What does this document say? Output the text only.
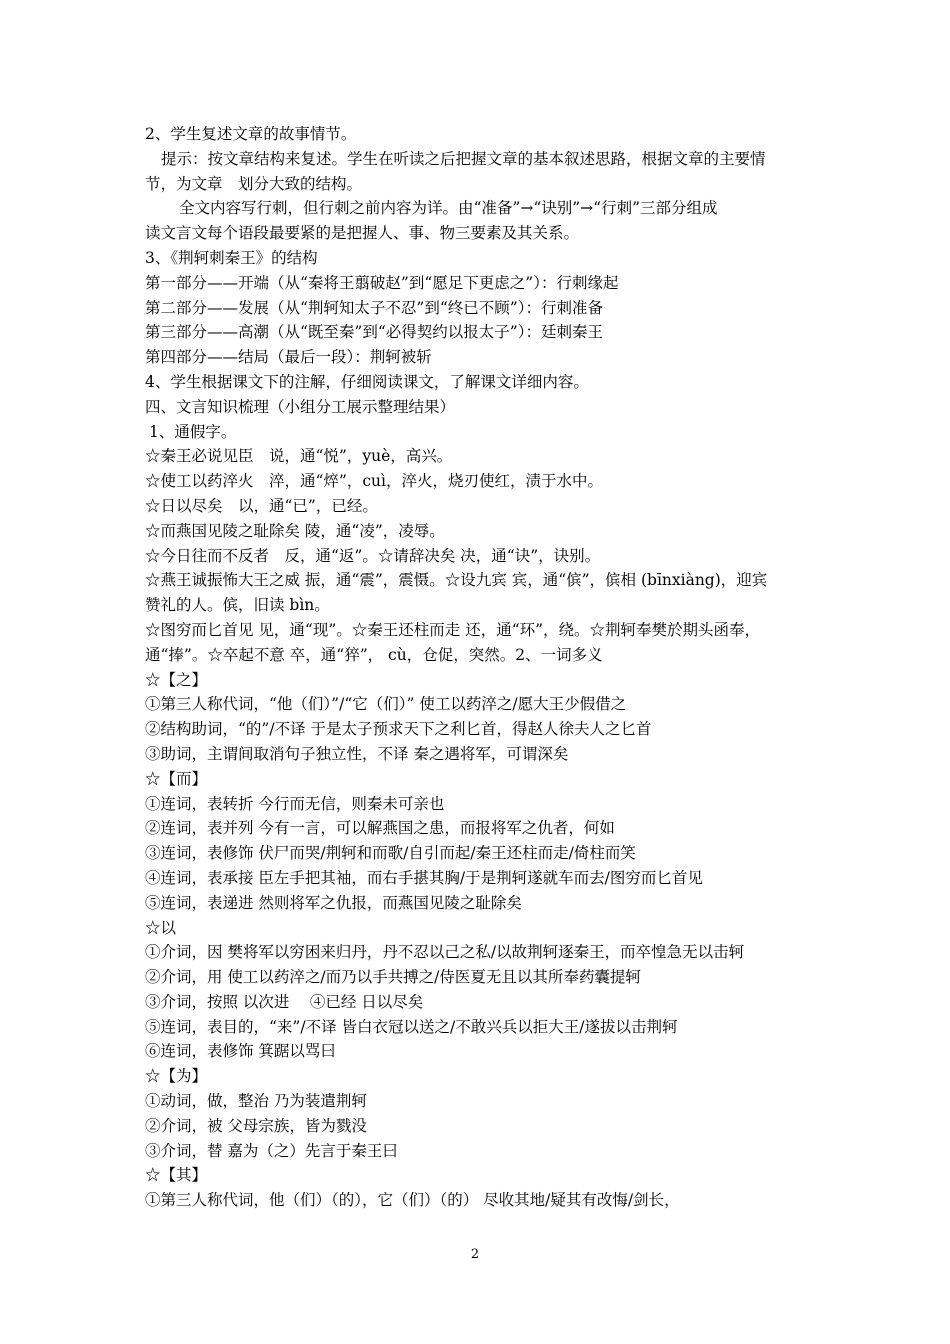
2、学生复述文章的故事情节。
提示：按文章结构来复述。学生在听读之后把握文章的基本叙述思路，根据文章的主要情
节，为文章　划分大致的结构。
全文内容写行刺，但行刺之前内容为详。由“准备”→“诀别”→“行刺”三部分组成
读文言文每个语段最要紧的是把握人、事、物三要素及其关系。
3、《荆轲刺秦王》的结构
第一部分——开端（从“秦将王翦破赵”到“愿足下更虑之”）：行刺缘起
第二部分——发展（从“荆轲知太子不忍”到“终已不顾”）：行刺准备
第三部分——高潮（从“既至秦”到“必得契约以报太子”）：廷刺秦王
第四部分——结局（最后一段）：荆轲被斩
4、学生根据课文下的注解，仔细阅读课文，了解课文详细内容。
四、文言知识梳理（小组分工展示整理结果）
1、通假字。
☆秦王必说见臣　说，通“悦”，yuè，高兴。
☆使工以药淬火　淬，通“焠”，cuì，淬火，烧刃使红，渍于水中。
☆日以尽矣　以，通“已”，已经。
☆而燕国见陵之耻除矣 陵，通“凌”，凌辱。
☆今日往而不反者　反，通“返”。☆请辞决矣 决，通“诀”，诀别。
☆燕王诚振怖大王之威 振，通“震”，震慑。☆设九宾 宾，通“傧”，傧相 (bīnxiàng)，迎宾
赞礼的人。傧，旧读 bìn。
☆图穷而匕首见 见，通“现”。☆秦王还柱而走 还，通“环”，绕。☆荆轲奉樊於期头函奉，
通“捧”。☆卒起不意 卒，通“猝”， cù，仓促，突然。2、一词多义
☆【之】
①第三人称代词，“他（们）”/“它（们）” 使工以药淬之/愿大王少假借之
②结构助词，“的”/不译 于是太子预求天下之利匕首，得赵人徐夫人之匕首
③助词，主谓间取消句子独立性，不译 秦之遇将军，可谓深矣
☆【而】
①连词，表转折 今行而无信，则秦未可亲也
②连词，表并列 今有一言，可以解燕国之患，而报将军之仇者，何如
③连词，表修饰 伏尸而哭/荆轲和而歌/自引而起/秦王还柱而走/倚柱而笑
④连词，表承接 臣左手把其袖，而右手揕其胸/于是荆轲遂就车而去/图穷而匕首见
⑤连词，表递进 然则将军之仇报，而燕国见陵之耻除矣
☆以
①介词，因 樊将军以穷困来归丹，丹不忍以己之私/以故荆轲逐秦王，而卒惶急无以击轲
②介词，用 使工以药淬之/而乃以手共搏之/侍医夏无且以其所奉药囊提轲
③介词，按照 以次进　 ④已经 日以尽矣
⑤连词，表目的，“来”/不译 皆白衣冠以送之/不敢兴兵以拒大王/遂拔以击荆轲
⑥连词，表修饰 箕踞以骂曰
☆【为】
①动词，做，整治 乃为装遣荆轲
②介词，被 父母宗族，皆为戮没
③介词，替 嘉为（之）先言于秦王曰
☆【其】
①第三人称代词，他（们）（的），它（们）（的） 尽收其地/疑其有改悔/剑长，
2
